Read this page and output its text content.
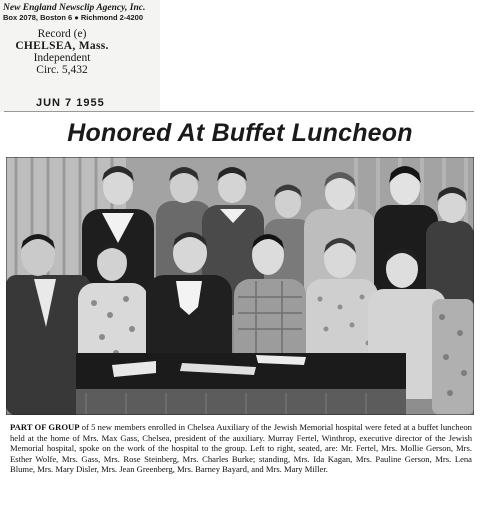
New England Newsclip Agency, Inc.
Box 2078, Boston 6 ● Richmond 2-4200
Record (e)
CHELSEA, Mass.
Independent
Circ. 5,432
JUN 7 1955
Honored At Buffet Luncheon
PART OF GROUP of 5 new members enrolled in Chelsea Auxiliary of the Jewish Memorial hospital were feted at a buffet luncheon held at the home of Mrs. Max Gass, Chelsea, president of the auxiliary. Murray Fertel, Winthrop, executive director of the Jewish Memorial hospital, spoke on the work of the hospital to the group. Left to right, seated, are: Mr. Fertel, Mrs. Mollie Gerson, Mrs. Esther Wolfe, Mrs. Gass, Mrs. Rose Steinberg, Mrs. Charles Burke; standing, Mrs. Ida Kagan, Mrs. Pauline Gerson, Mrs. Lena Blume, Mrs. Mary Disler, Mrs. Jean Greenberg, Mrs. Barney Bayard, and Mrs. Mary Miller.
